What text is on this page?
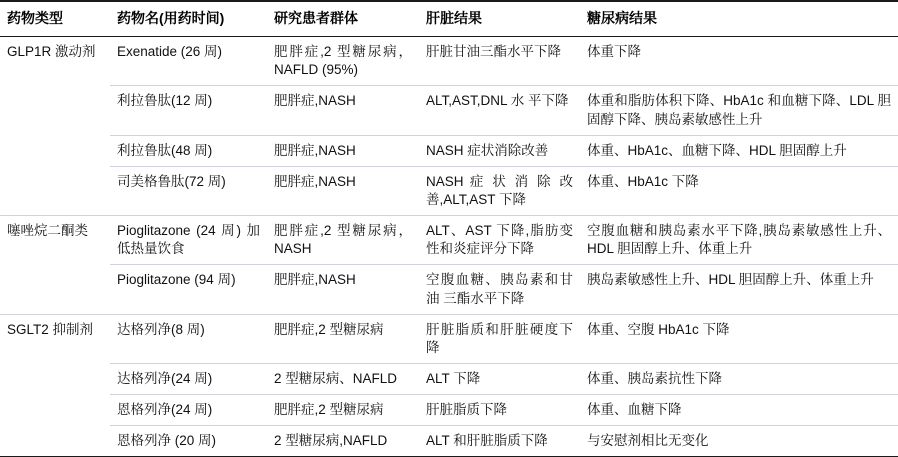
药物类型	药物名(用药时间)	研究患者群体	肝脏结果	糖尿病结果
GLP1R 激动剂	Exenatide (26 周)	肥胖症,2 型糖尿病，NAFLD (95%)	肝脏甘油三酯水平下降	体重下降
	利拉鲁肽(12 周)	肥胖症,NASH	ALT,AST,DNL 水 平下降	体重和脂肪体积下降、HbA1c 和血糖下降、LDL 胆固醇下降、胰岛素敏感性上升
	利拉鲁肽(48 周)	肥胖症,NASH	NASH 症状消除改善	体重、HbA1c、血糖下降、HDL 胆固醇上升
	司美格鲁肽(72 周)	肥胖症,NASH	NASH 症 状 消 除 改善,ALT,AST 下降	体重、HbA1c 下降
噻唑烷二酮类	Pioglitazone (24 周) 加 低热量饮食	肥胖症,2 型糖尿病，NASH	ALT、AST 下降,脂肪变 性和炎症评分下降	空腹血糖和胰岛素水平下降,胰岛素敏感性上升、HDL 胆固醇上升、体重上升
	Pioglitazone (94 周)	肥胖症,NASH	空腹血糖、胰岛素和甘油 三酯水平下降	胰岛素敏感性上升、HDL 胆固醇上升、体重上升
SGLT2 抑制剂	达格列净(8 周)	肥胖症,2 型糖尿病	肝脏脂质和肝脏硬度下降	体重、空腹 HbA1c 下降
	达格列净(24 周)	2 型糖尿病、NAFLD	ALT 下降	体重、胰岛素抗性下降
	恩格列净(24 周)	肥胖症,2 型糖尿病	肝脏脂质下降	体重、血糖下降
	恩格列净 (20 周)	2 型糖尿病,NAFLD	ALT 和肝脏脂质下降	与安慰剂相比无变化
